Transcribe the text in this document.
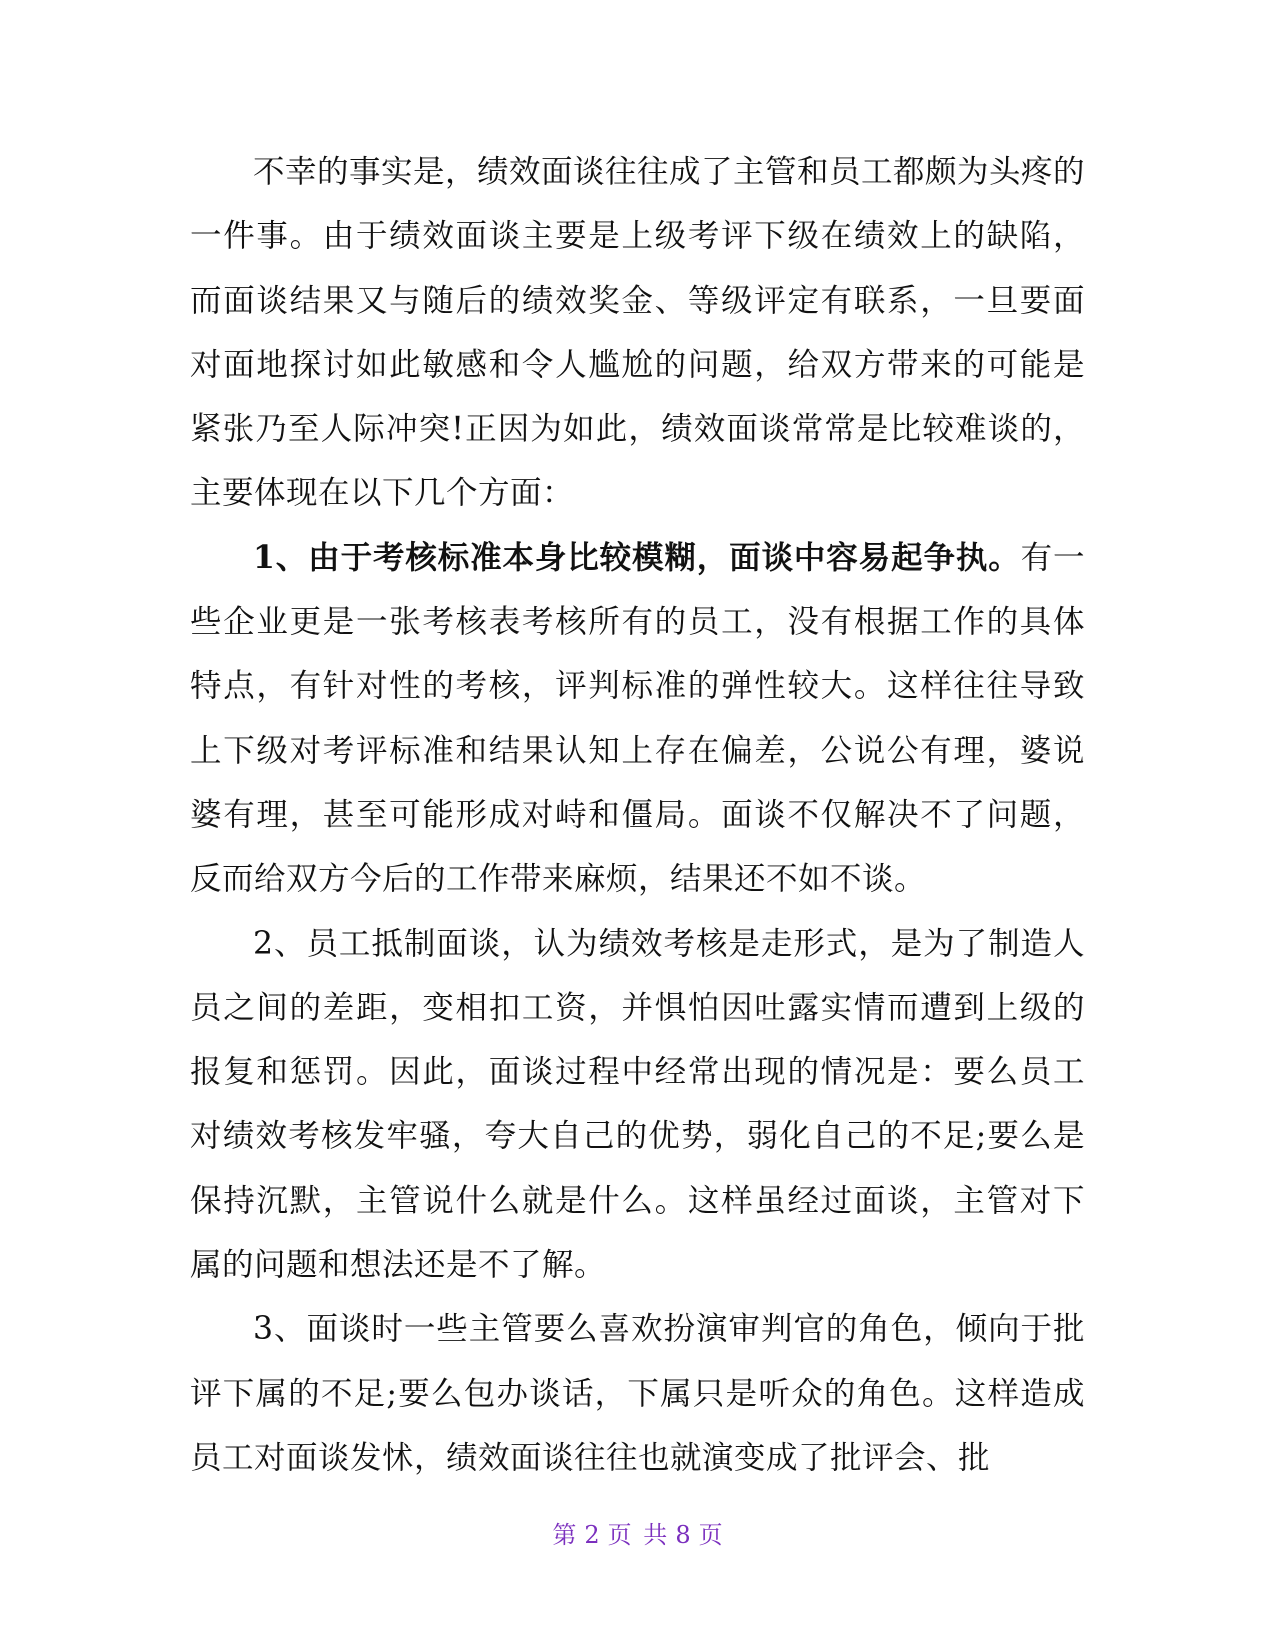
不幸的事实是，绩效面谈往往成了主管和员工都颇为头疼的一件事。由于绩效面谈主要是上级考评下级在绩效上的缺陷，而面谈结果又与随后的绩效奖金、等级评定有联系，一旦要面对面地探讨如此敏感和令人尴尬的问题，给双方带来的可能是紧张乃至人际冲突!正因为如此，绩效面谈常常是比较难谈的，主要体现在以下几个方面：

1、由于考核标准本身比较模糊，面谈中容易起争执。有一些企业更是一张考核表考核所有的员工，没有根据工作的具体特点，有针对性的考核，评判标准的弹性较大。这样往往导致上下级对考评标准和结果认知上存在偏差，公说公有理，婆说婆有理，甚至可能形成对峙和僵局。面谈不仅解决不了问题，反而给双方今后的工作带来麻烦，结果还不如不谈。

2、员工抵制面谈，认为绩效考核是走形式，是为了制造人员之间的差距，变相扣工资，并惧怕因吐露实情而遭到上级的报复和惩罚。因此，面谈过程中经常出现的情况是：要么员工对绩效考核发牢骚，夸大自己的优势，弱化自己的不足;要么是保持沉默，主管说什么就是什么。这样虽经过面谈，主管对下属的问题和想法还是不了解。

3、面谈时一些主管要么喜欢扮演审判官的角色，倾向于批评下属的不足;要么包办谈话，下属只是听众的角色。这样造成员工对面谈发怵，绩效面谈往往也就演变成了批评会、批

第 2 页 共 8 页
